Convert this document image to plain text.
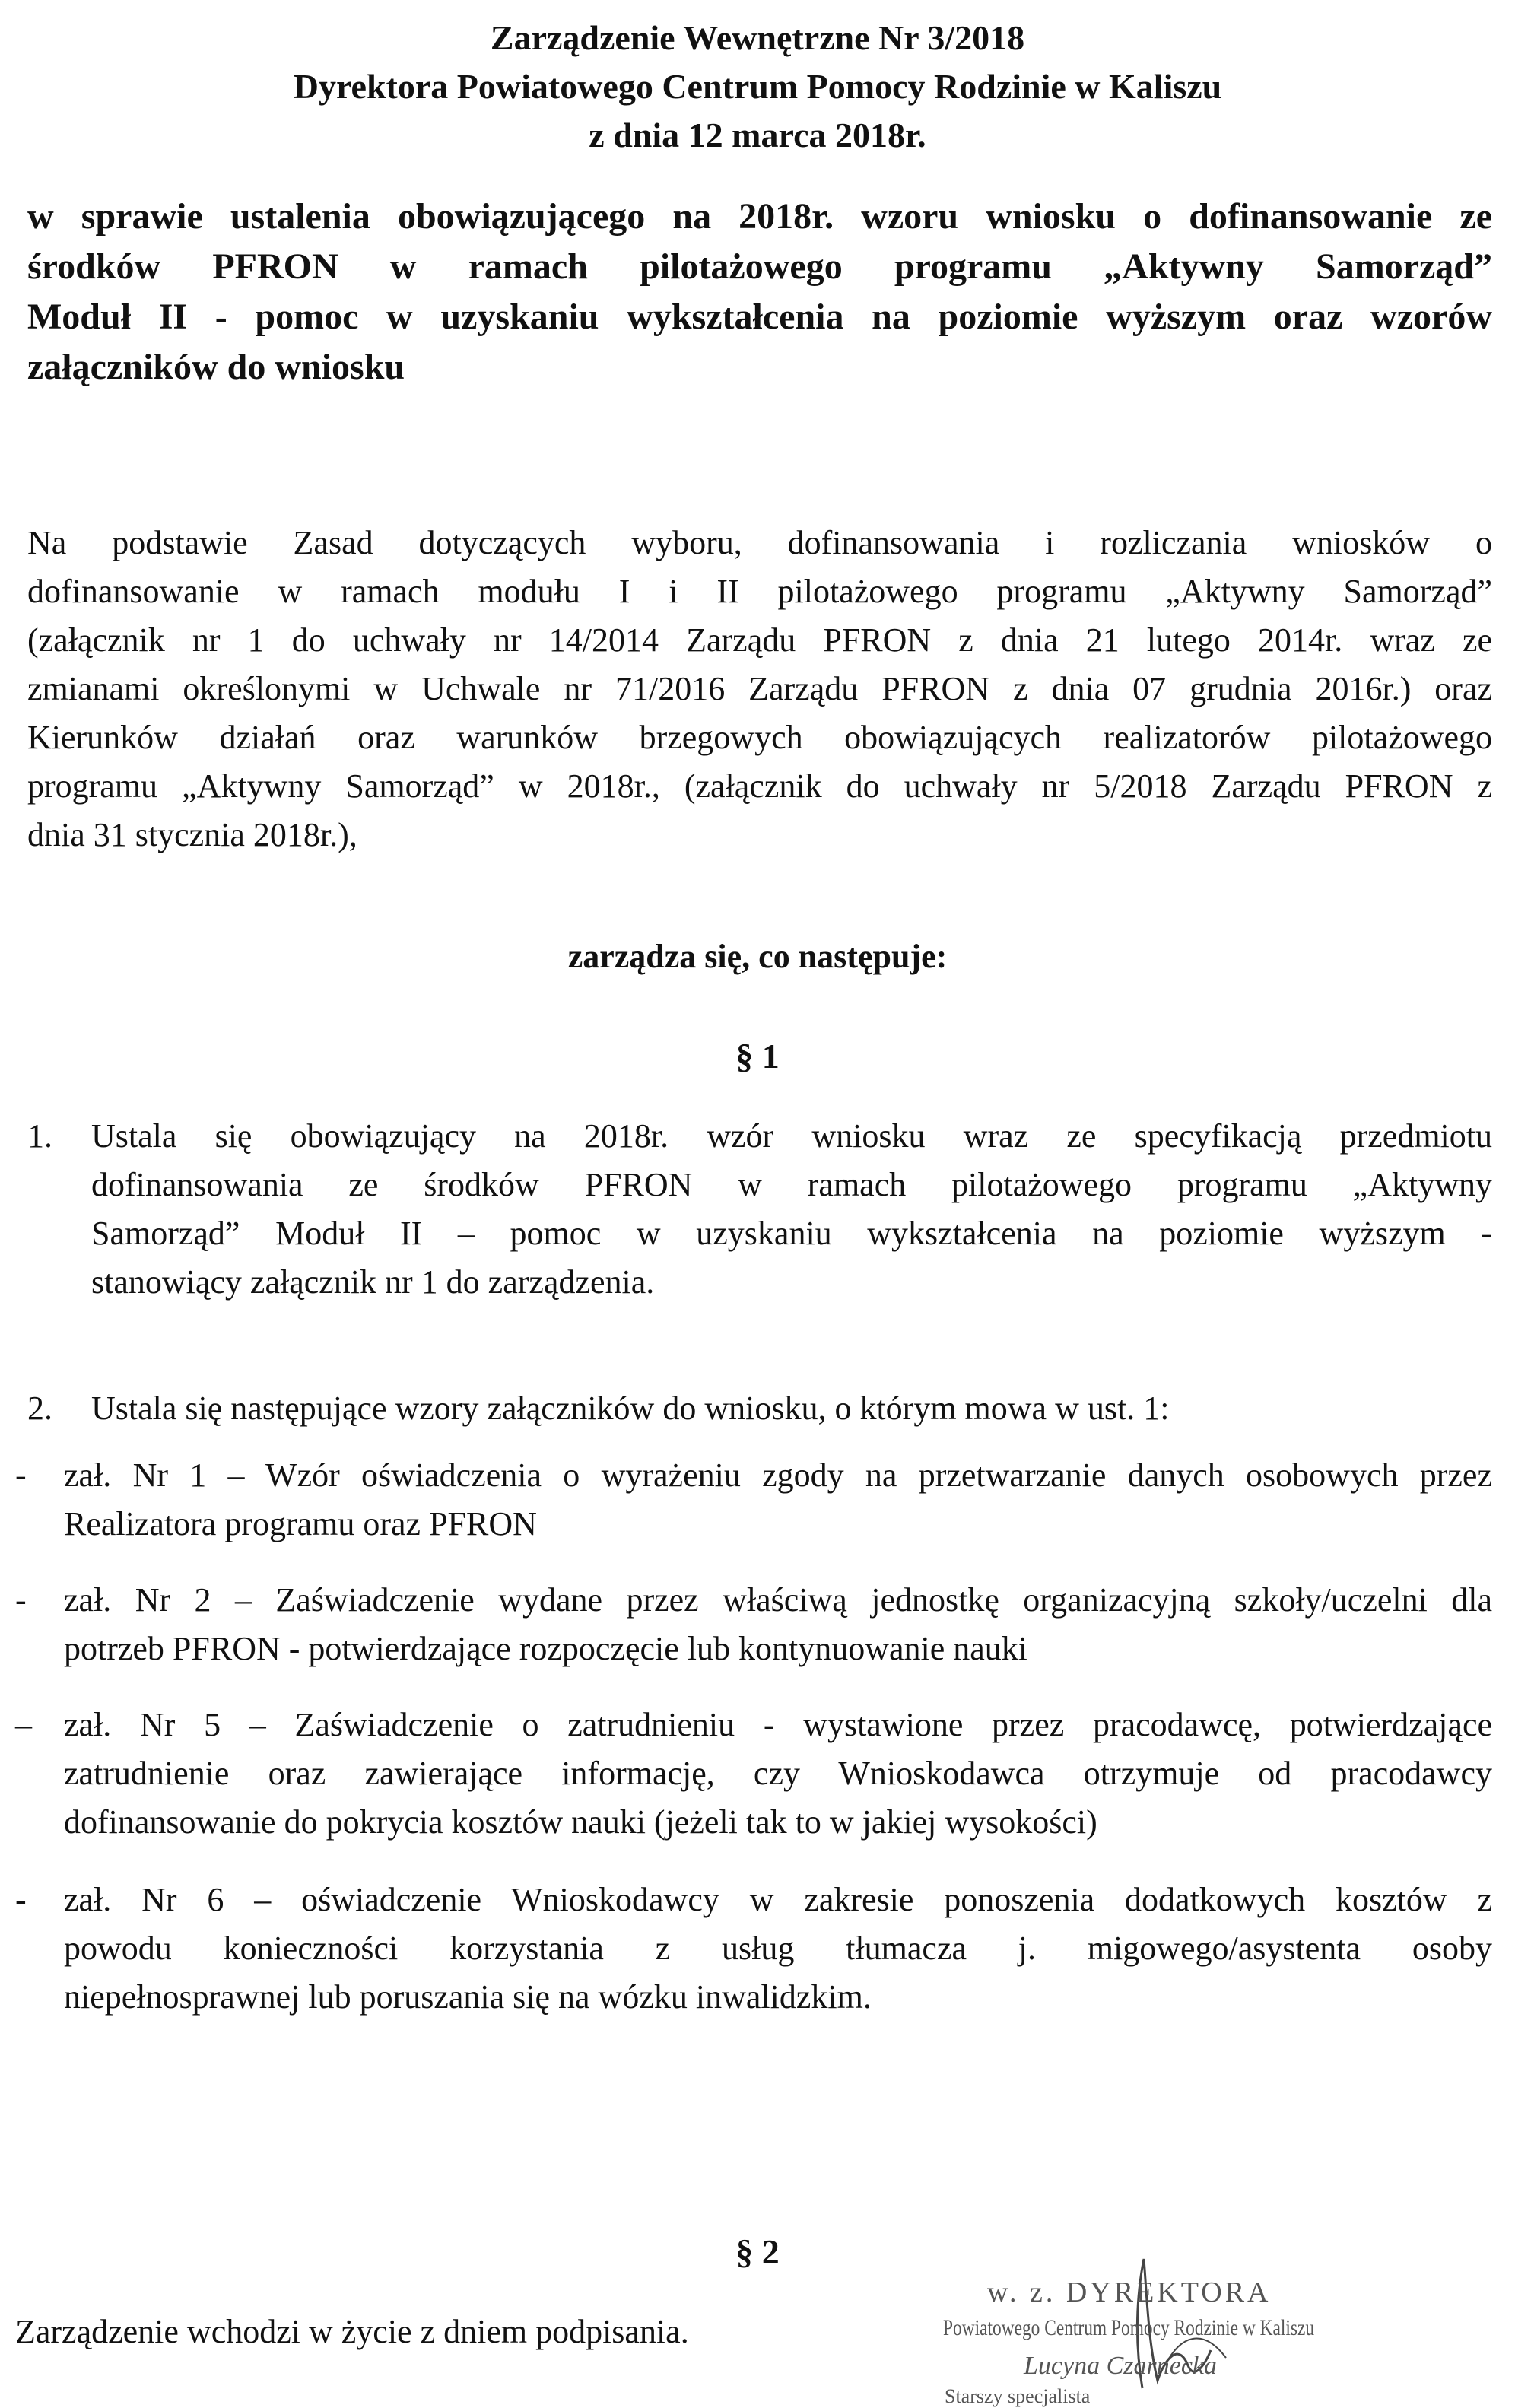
Zarządzenie Wewnętrzne Nr 3/2018
Dyrektora Powiatowego Centrum Pomocy Rodzinie w Kaliszu
z dnia 12 marca 2018r.
w sprawie ustalenia obowiązującego na 2018r. wzoru wniosku o dofinansowanie ze
środków PFRON w ramach pilotażowego programu „Aktywny Samorząd”
Moduł II - pomoc w uzyskaniu wykształcenia na poziomie wyższym oraz wzorów
załączników do wniosku
Na podstawie Zasad dotyczących wyboru, dofinansowania i rozliczania wniosków o
dofinansowanie w ramach modułu I i II pilotażowego programu „Aktywny Samorząd”
(załącznik nr 1 do uchwały nr 14/2014 Zarządu PFRON z dnia 21 lutego 2014r. wraz ze
zmianami określonymi w Uchwale nr 71/2016 Zarządu PFRON z dnia 07 grudnia 2016r.) oraz
Kierunków działań oraz warunków brzegowych obowiązujących realizatorów pilotażowego
programu „Aktywny Samorząd” w 2018r., (załącznik do uchwały nr 5/2018 Zarządu PFRON z
dnia 31 stycznia 2018r.),
zarządza się, co następuje:
§ 1
1. Ustala się obowiązujący na 2018r. wzór wniosku wraz ze specyfikacją przedmiotu
dofinansowania ze środków PFRON w ramach pilotażowego programu „Aktywny
Samorząd” Moduł II – pomoc w uzyskaniu wykształcenia na poziomie wyższym -
stanowiący załącznik nr 1 do zarządzenia.
2. Ustala się następujące wzory załączników do wniosku, o którym mowa w ust. 1:
- zał. Nr 1 – Wzór oświadczenia o wyrażeniu zgody na przetwarzanie danych osobowych przez
Realizatora programu oraz PFRON
- zał. Nr 2 – Zaświadczenie wydane przez właściwą jednostkę organizacyjną szkoły/uczelni dla
potrzeb PFRON - potwierdzające rozpoczęcie lub kontynuowanie nauki
– zał. Nr 5 – Zaświadczenie o zatrudnieniu - wystawione przez pracodawcę, potwierdzające
zatrudnienie oraz zawierające informację, czy Wnioskodawca otrzymuje od pracodawcy
dofinansowanie do pokrycia kosztów nauki (jeżeli tak to w jakiej wysokości)
- zał. Nr 6 – oświadczenie Wnioskodawcy w zakresie ponoszenia dodatkowych kosztów z
powodu konieczności korzystania z usług tłumacza j. migowego/asystenta osoby
niepełnosprawnej lub poruszania się na wózku inwalidzkim.
§ 2
Zarządzenie wchodzi w życie z dniem podpisania.
w. z. DYREKTORA
Powiatowego Centrum Pomocy Rodzinie w Kaliszu
Lucyna Czarnecka
Starszy specjalista
